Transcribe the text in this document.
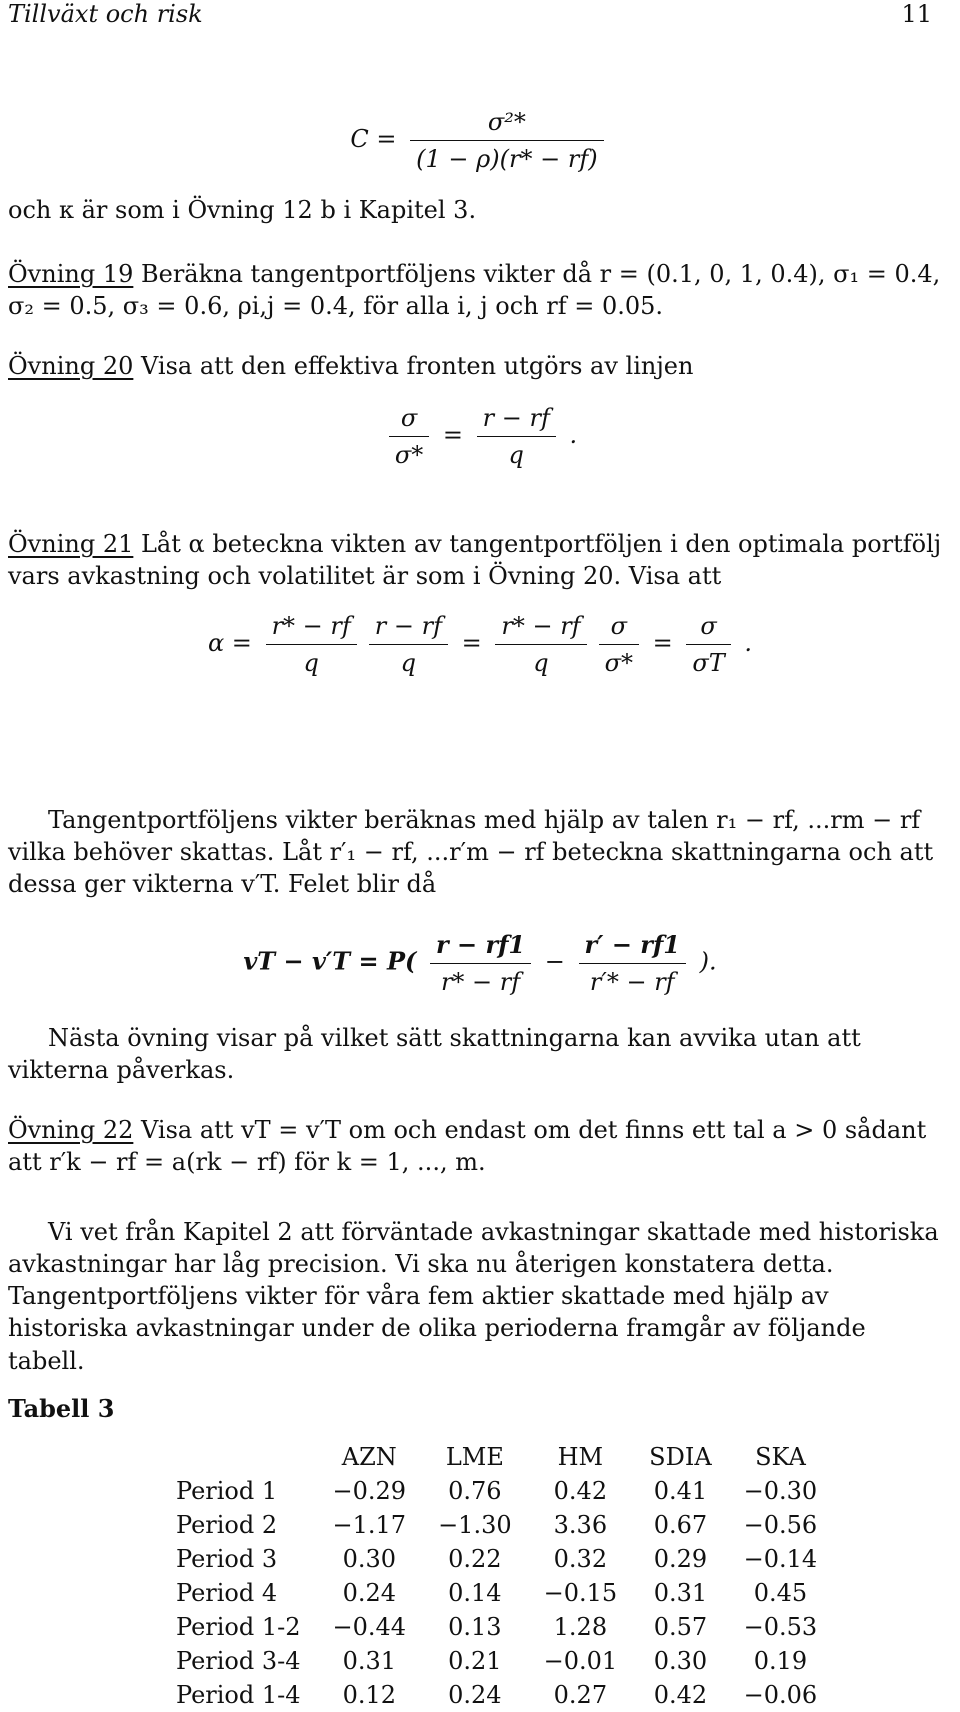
Tillväxt och risk	11
$C = \frac{\text{σ²*}}{(1 - \rho)(r* - rf)}$

och κ är som i Övning 12 b i Kapitel 3.

Övning 19 Beräkna tangentportföljens vikter då r = (0.1, 0, 1, 0.4), σ₁ = 0.4, σ₂ = 0.5, σ₃ = 0.6, ρi,j = 0.4, för alla i, j och rf = 0.05.

Övning 20 Visa att den effektiva fronten utgörs av linjen

$\frac{\sigma}{\sigma*} = \frac{r - rf}{q}$ .

Övning 21 Låt α beteckna vikten av tangentportföljen i den optimala portfölj vars avkastning och volatilitet är som i Övning 20. Visa att

$\alpha = \frac{r* - rf}{q} \frac{r - rf}{q} = \frac{r* - rf}{q} \frac{\sigma}{\sigma*} = \frac{\sigma}{\sigma T}$ .

Tangentportföljens vikter beräknas med hjälp av talen r₁ − rf, ...rm − rf vilka behöver skattas. Låt r′₁ − rf, ...r′m − rf beteckna skattningarna och att dessa ger vikterna v′T. Felet blir då

vT − $v'T = P( \frac{r - rf1}{r* - rf} - \frac{r' - rf1}{r'* - rf}$ ).

Nästa övning visar på vilket sätt skattningarna kan avvika utan att vikterna påverkas.

Övning 22 Visa att vT = v′T om och endast om det finns ett tal a > 0 sådant att r′k − rf = a(rk − rf) för k = 1, ..., m.

Vi vet från Kapitel 2 att förväntade avkastningar skattade med historiska avkastningar har låg precision. Vi ska nu återigen konstatera detta. Tangentportföljens vikter för våra fem aktier skattade med hjälp av historiska avkastningar under de olika perioderna framgår av följande tabell.

Tabell 3
	AZN	LME	HM	SDIA	SKA
Period 1	−0.29	0.76	0.42	0.41	−0.30
Period 2	−1.17	−1.30	3.36	0.67	−0.56
Period 3	0.30	0.22	0.32	0.29	−0.14
Period 4	0.24	0.14	−0.15	0.31	0.45
Period 1-2	−0.44	0.13	1.28	0.57	−0.53
Period 3-4	0.31	0.21	−0.01	0.30	0.19
Period 1-4	0.12	0.24	0.27	0.42	−0.06
